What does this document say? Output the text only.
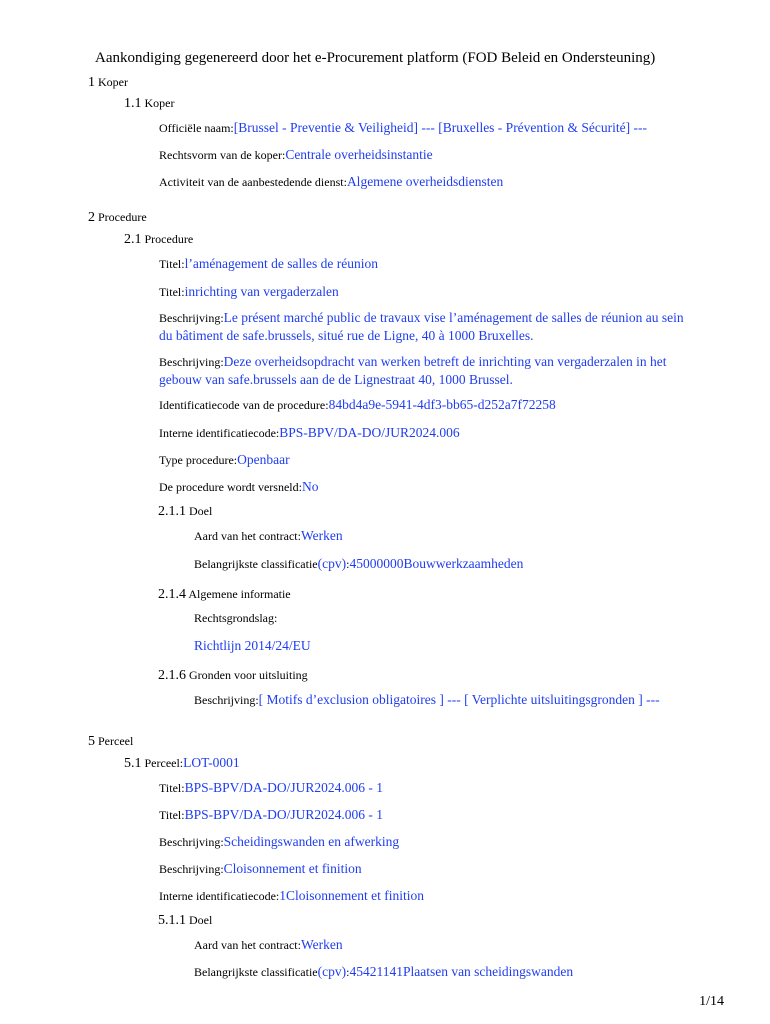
Aankondiging gegenereerd door het e-Procurement platform (FOD Beleid en Ondersteuning)
1 Koper
1.1 Koper
Officiële naam:[Brussel - Preventie & Veiligheid] --- [Bruxelles - Prévention & Sécurité] ---
Rechtsvorm van de koper:Centrale overheidsinstantie
Activiteit van de aanbestedende dienst:Algemene overheidsdiensten
2 Procedure
2.1 Procedure
Titel:l’aménagement de salles de réunion
Titel:inrichting van vergaderzalen
Beschrijving:Le présent marché public de travaux vise l’aménagement de salles de réunion au sein du bâtiment de safe.brussels, situé rue de Ligne, 40 à 1000 Bruxelles.
Beschrijving:Deze overheidsopdracht van werken betreft de inrichting van vergaderzalen in het gebouw van safe.brussels aan de de Lignestraat 40, 1000 Brussel.
Identificatiecode van de procedure:84bd4a9e-5941-4df3-bb65-d252a7f72258
Interne identificatiecode:BPS-BPV/DA-DO/JUR2024.006
Type procedure:Openbaar
De procedure wordt versneld:No
2.1.1 Doel
Aard van het contract:Werken
Belangrijkste classificatie(cpv):45000000Bouwwerkzaamheden
2.1.4 Algemene informatie
Rechtsgrondslag:
Richtlijn 2014/24/EU
2.1.6 Gronden voor uitsluiting
Beschrijving:[ Motifs d’exclusion obligatoires ] --- [ Verplichte uitsluitingsgronden ] ---
5 Perceel
5.1 Perceel:LOT-0001
Titel:BPS-BPV/DA-DO/JUR2024.006 - 1
Titel:BPS-BPV/DA-DO/JUR2024.006 - 1
Beschrijving:Scheidingswanden en afwerking
Beschrijving:Cloisonnement et finition
Interne identificatiecode:1Cloisonnement et finition
5.1.1 Doel
Aard van het contract:Werken
Belangrijkste classificatie(cpv):45421141Plaatsen van scheidingswanden
1/14
